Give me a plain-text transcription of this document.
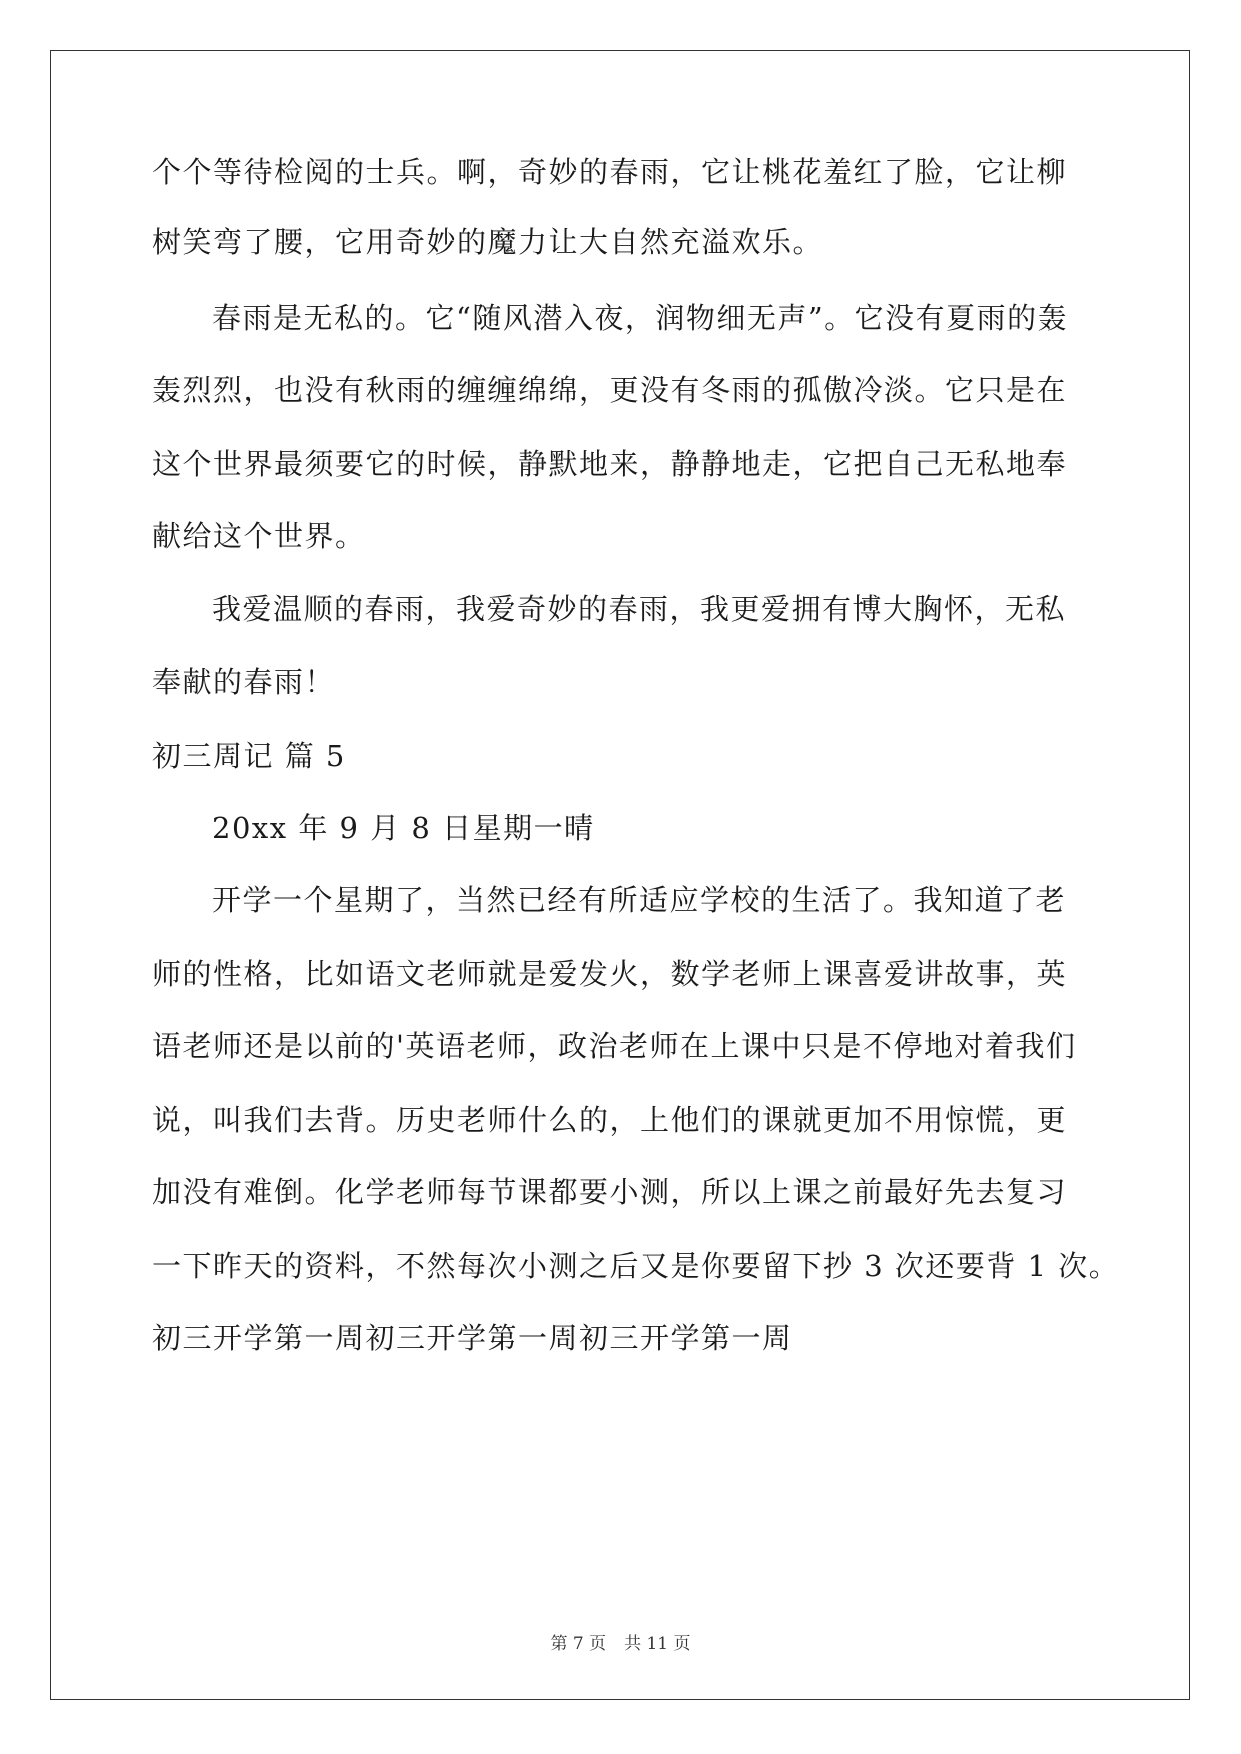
个个等待检阅的士兵。啊，奇妙的春雨，它让桃花羞红了脸，它让柳
树笑弯了腰，它用奇妙的魔力让大自然充溢欢乐。
春雨是无私的。它“随风潜入夜，润物细无声”。它没有夏雨的轰
轰烈烈，也没有秋雨的缠缠绵绵，更没有冬雨的孤傲冷淡。它只是在
这个世界最须要它的时候，静默地来，静静地走，它把自己无私地奉
献给这个世界。
我爱温顺的春雨，我爱奇妙的春雨，我更爱拥有博大胸怀，无私
奉献的春雨！
初三周记 篇 5
20xx 年 9 月 8 日星期一晴
开学一个星期了，当然已经有所适应学校的生活了。我知道了老
师的性格，比如语文老师就是爱发火，数学老师上课喜爱讲故事，英
语老师还是以前的'英语老师，政治老师在上课中只是不停地对着我们
说，叫我们去背。历史老师什么的，上他们的课就更加不用惊慌，更
加没有难倒。化学老师每节课都要小测，所以上课之前最好先去复习
一下昨天的资料，不然每次小测之后又是你要留下抄 3 次还要背 1 次。
初三开学第一周初三开学第一周初三开学第一周
第 7 页 共 11 页
